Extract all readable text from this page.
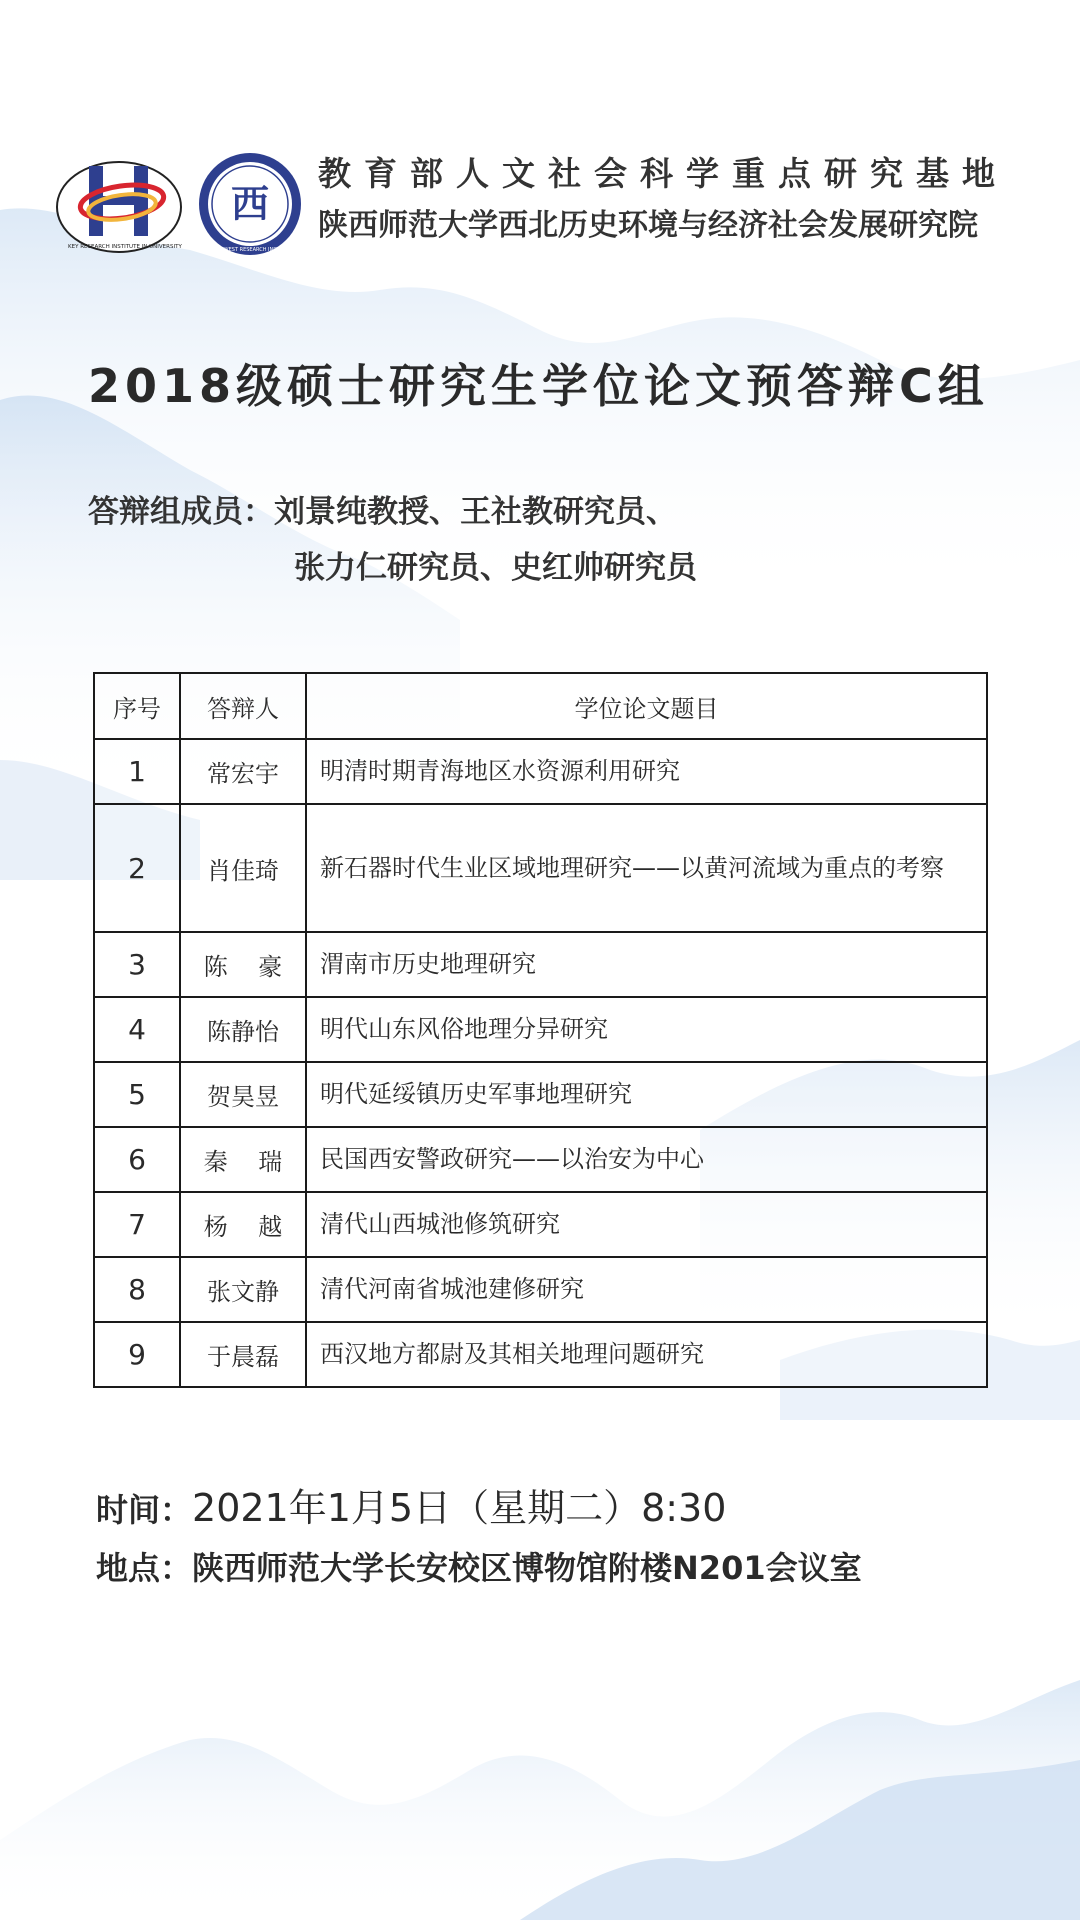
KEY RESEARCH INSTITUTE IN UNIVERSITY
西
NORTHWEST RESEARCH INSTITUTE
教育部人文社会科学重点研究基地
陕西师范大学西北历史环境与经济社会发展研究院
2018级硕士研究生学位论文预答辩C组
答辩组成员：刘景纯教授、王社教研究员、
张力仁研究员、史红帅研究员
序号	答辩人	学位论文题目
1	常宏宇	明清时期青海地区水资源利用研究
2	肖佳琦	新石器时代生业区域地理研究——以黄河流域为重点的考察
3	陈    豪	渭南市历史地理研究
4	陈静怡	明代山东风俗地理分异研究
5	贺昊昱	明代延绥镇历史军事地理研究
6	秦    瑞	民国西安警政研究——以治安为中心
7	杨    越	清代山西城池修筑研究
8	张文静	清代河南省城池建修研究
9	于晨磊	西汉地方都尉及其相关地理问题研究
时间：2021年1月5日（星期二）8:30
地点：陕西师范大学长安校区博物馆附楼N201会议室
